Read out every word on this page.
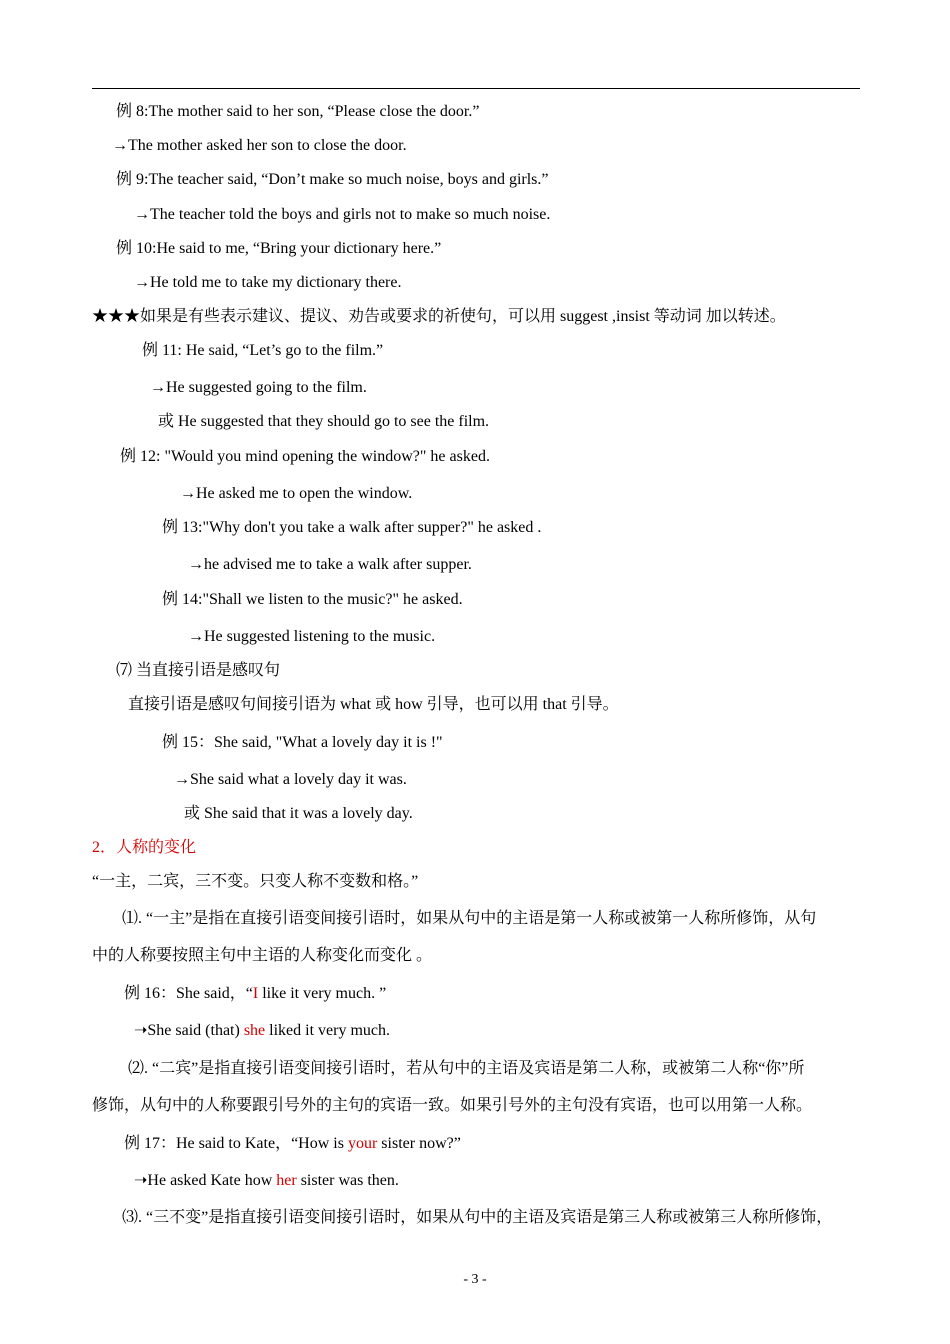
例 8:The mother said to her son, “Please close the door.”
→The mother asked her son to close the door.
例 9:The teacher said, “Don’t make so much noise, boys and girls.”
→The teacher told the boys and girls not to make so much noise.
例 10:He said to me, “Bring your dictionary here.”
→He told me to take my dictionary there.
★★★如果是有些表示建议、提议、劝告或要求的祈使句，可以用 suggest ,insist 等动词 加以转述。
例 11: He said, “Let’s go to the film.”
→He suggested going to the film.
或 He suggested that they should go to see the film.
例 12: "Would you mind opening the window?" he asked.
→He asked me to open the window.
例 13:"Why don't you take a walk after supper?" he asked .
→he advised me to take a walk after supper.
例 14:"Shall we listen to the music?" he asked.
→He suggested listening to the music.
⑺ 当直接引语是感叹句
直接引语是感叹句间接引语为 what 或 how 引导，也可以用 that 引导。
例 15：She said, "What a lovely day it is !"
→She said what a lovely day it was.
或 She said that it was a lovely day.
2．人称的变化
“一主，二宾，三不变。只变人称不变数和格。”
⑴. “一主”是指在直接引语变间接引语时，如果从句中的主语是第一人称或被第一人称所修饰，从句
中的人称要按照主句中主语的人称变化而变化 。
例 16：She said，“I like it very much. ”
➝She said (that) she liked it very much.
⑵. “二宾”是指直接引语变间接引语时，若从句中的主语及宾语是第二人称，或被第二人称“你”所
修饰，从句中的人称要跟引号外的主句的宾语一致。如果引号外的主句没有宾语，也可以用第一人称。
例 17：He said to Kate，“How is your sister now?”
➝He asked Kate how her sister was then.
⑶. “三不变”是指直接引语变间接引语时，如果从句中的主语及宾语是第三人称或被第三人称所修饰，
- 3 -
